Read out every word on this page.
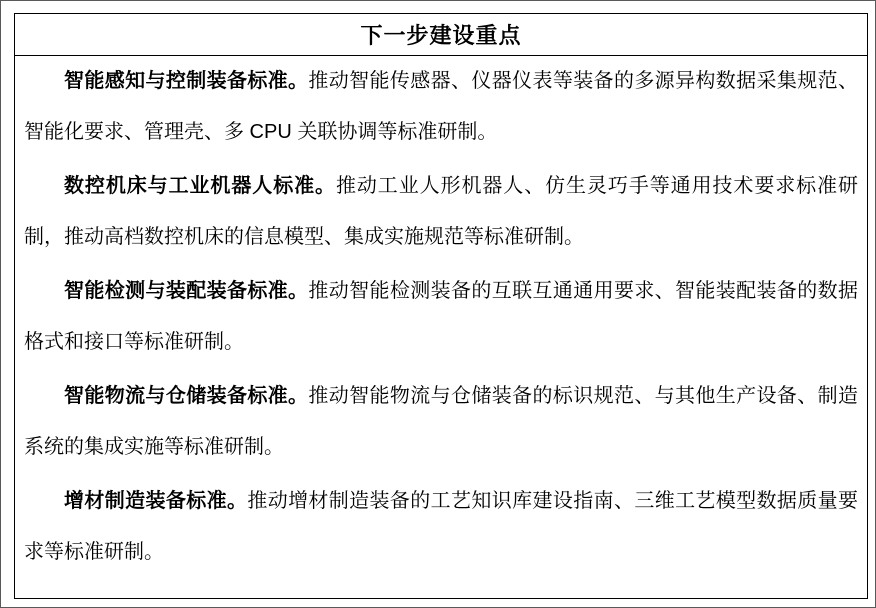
下一步建设重点

智能感知与控制装备标准。推动智能传感器、仪器仪表等装备的多源异构数据采集规范、智能化要求、管理壳、多 CPU 关联协调等标准研制。

数控机床与工业机器人标准。推动工业人形机器人、仿生灵巧手等通用技术要求标准研制，推动高档数控机床的信息模型、集成实施规范等标准研制。

智能检测与装配装备标准。推动智能检测装备的互联互通通用要求、智能装配装备的数据格式和接口等标准研制。

智能物流与仓储装备标准。推动智能物流与仓储装备的标识规范、与其他生产设备、制造系统的集成实施等标准研制。

增材制造装备标准。推动增材制造装备的工艺知识库建设指南、三维工艺模型数据质量要求等标准研制。
